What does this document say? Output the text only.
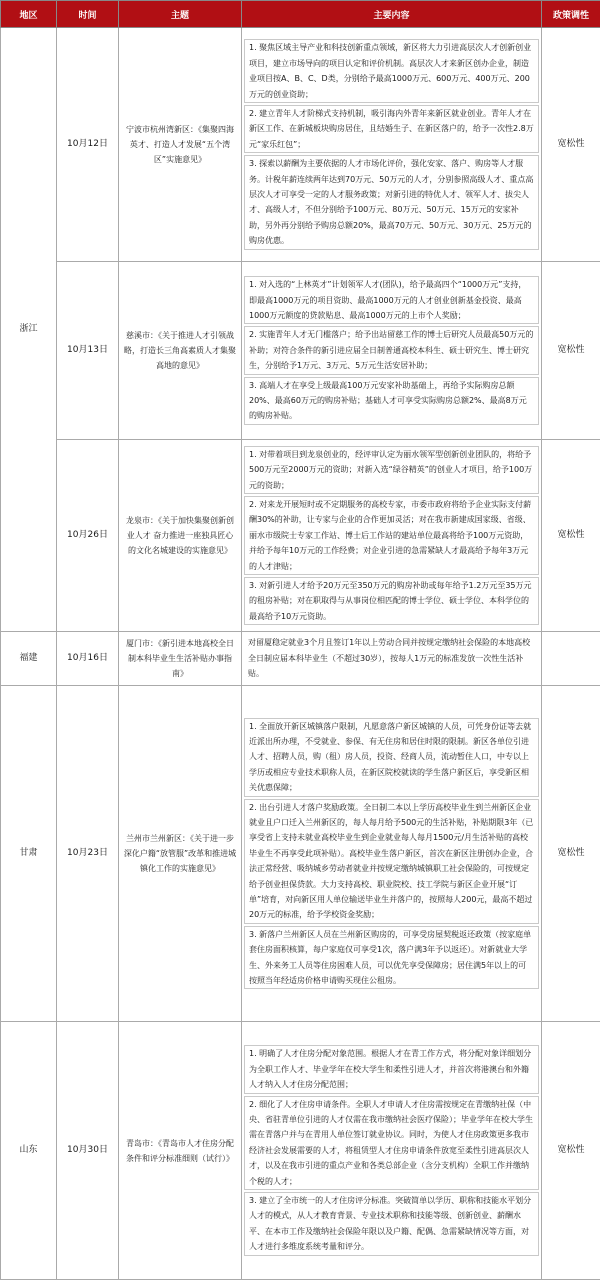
地区	时间	主题	主要内容	政策调性
浙江	10月12日	宁波市杭州湾新区：《集聚四海英才、打造人才发展“五个湾区”实施意见》	1. 聚焦区域主导产业和科技创新重点领域，新区将大力引进高层次人才创新创业项目，建立市场导向的项目认定和评价机制。高层次人才来新区创办企业，制造业项目按A、B、C、D类，分别给予最高1000万元、600万元、400万元、200万元的创业资助；
2. 建立青年人才阶梯式支持机制，吸引海内外青年来新区就业创业。青年人才在新区工作、在新城板块购房居住，且结婚生子、在新区落户的，给予一次性2.8万元“家乐红包”；
3. 探索以薪酬为主要依据的人才市场化评价，强化安家、落户、购房等人才服务。计税年薪连续两年达到70万元、50万元的人才，分别参照高级人才、重点高层次人才可享受一定的人才服务政策；对新引进的特优人才、领军人才、拔尖人才、高级人才，不但分别给予100万元、80万元、50万元、15万元的安家补助，另外再分别给予购房总额20%，最高70万元、50万元、30万元、25万元的购房优惠。	宽松性
	10月13日	慈溪市：《关于推进人才引领战略，打造长三角高素质人才集聚高地的意见》	1. 对入选的“上林英才”计划领军人才(团队)，给予最高四个“1000万元”支持，即最高1000万元的项目资助、最高1000万元的人才创业创新基金投资、最高1000万元额度的贷款贴息、最高1000万元的上市个人奖励；
2. 实施青年人才无门槛落户；给予出站留慈工作的博士后研究人员最高50万元的补助；对符合条件的新引进应届全日制普通高校本科生、硕士研究生、博士研究生，分别给予1万元、3万元、5万元生活安居补助；
3. 高端人才在享受上级最高100万元安家补助基础上，再给予实际购房总额20%、最高60万元的购房补贴；基础人才可享受实际购房总额2%、最高8万元的购房补贴。	宽松性
	10月26日	龙泉市：《关于加快集聚创新创业人才 奋力推进一座独具匠心的文化名城建设的实施意见》	1. 对带着项目到龙泉创业的，经评审认定为丽水领军型创新创业团队的，将给予500万元至2000万元的资助；对新入选“绿谷精英”的创业人才项目，给予100万元的资助；
2. 对来龙开展短时或不定期服务的高校专家，市委市政府将给予企业实际支付薪酬30%的补助，让专家与企业的合作更加灵活；对在我市新建成国家级、省级、丽水市级院士专家工作站、博士后工作站的建站单位最高将给予100万元资助，并给予每年10万元的工作经费；对企业引进的急需紧缺人才最高给予每年3万元的人才津贴；
3. 对新引进人才给予20万元至350万元的购房补助或每年给予1.2万元至35万元的租房补贴；对在职取得与从事岗位相匹配的博士学位、硕士学位、本科学位的最高给予10万元资助。	宽松性
福建	10月16日	厦门市：《新引进本地高校全日制本科毕业生生活补贴办事指南》	对留厦稳定就业3个月且签订1年以上劳动合同并按规定缴纳社会保险的本地高校全日制应届本科毕业生（不超过30岁），按每人1万元的标准发放一次性生活补贴。	
甘肃	10月23日	兰州市兰州新区：《关于进一步深化户籍“放管服”改革和推进城镇化工作的实施意见》	1. 全面放开新区城镇落户限制，凡愿意落户新区城镇的人员，可凭身份证等去就近派出所办理，不受就业、参保、有无住房和居住时限的限制。新区各单位引进人才、招聘人员，购（租）房人员，投资、经商人员，流动暂住人口，中专以上学历或相应专业技术职称人员，在新区院校就读的学生落户新区后，享受新区相关优惠保障；
2. 出台引进人才落户奖励政策。全日制二本以上学历高校毕业生到兰州新区企业就业且户口迁入兰州新区的，每人每月给予500元的生活补贴，补贴期限3年（已享受省上支持未就业高校毕业生到企业就业每人每月1500元/月生活补贴的高校毕业生不再享受此项补贴）。高校毕业生落户新区，首次在新区注册创办企业，合法正常经营、吸纳城乡劳动者就业并按规定缴纳城镇职工社会保险的，可按规定给予创业担保贷款。大力支持高校、职业院校、技工学院与新区企业开展“订单”培育，对向新区用人单位输送毕业生并落户的，按照每人200元，最高不超过20万元的标准，给予学校资金奖励；
3. 新落户兰州新区人员在兰州新区购房的，可享受房屋契税返还政策（按家庭单套住房面积核算，每户家庭仅可享受1次，落户满3年予以返还）。对新就业大学生、外来务工人员等住房困难人员，可以优先享受保障房；居住满5年以上的可按照当年经适房价格申请购买现住公租房。	宽松性
山东	10月30日	青岛市：《青岛市人才住房分配条件和评分标准细则（试行）》	1. 明确了人才住房分配对象范围。根据人才在青工作方式，将分配对象详细划分为全职工作人才、毕业学年在校大学生和柔性引进人才，并首次将港澳台和外籍人才纳入人才住房分配范围；
2. 细化了人才住房申请条件。全职人才申请人才住房需按规定在青缴纳社保（中央、省驻青单位引进的人才仅需在我市缴纳社会医疗保险）；毕业学年在校大学生需在青落户并与在青用人单位签订就业协议。同时，为使人才住房政策更多我市经济社会发展需要的人才，将租赁型人才住房申请条件放宽至柔性引进高层次人才，以及在我市引进的重点产业和各类总部企业（含分支机构）全职工作并缴纳个税的人才；
3. 建立了全市统一的人才住房评分标准。突破简单以学历、职称和技能水平划分人才的模式，从人才教育背景、专业技术职称和技能等级、创新创业、薪酬水平、在本市工作及缴纳社会保险年限以及户籍、配偶、急需紧缺情况等方面，对人才进行多维度系统考量和评分。	宽松性
